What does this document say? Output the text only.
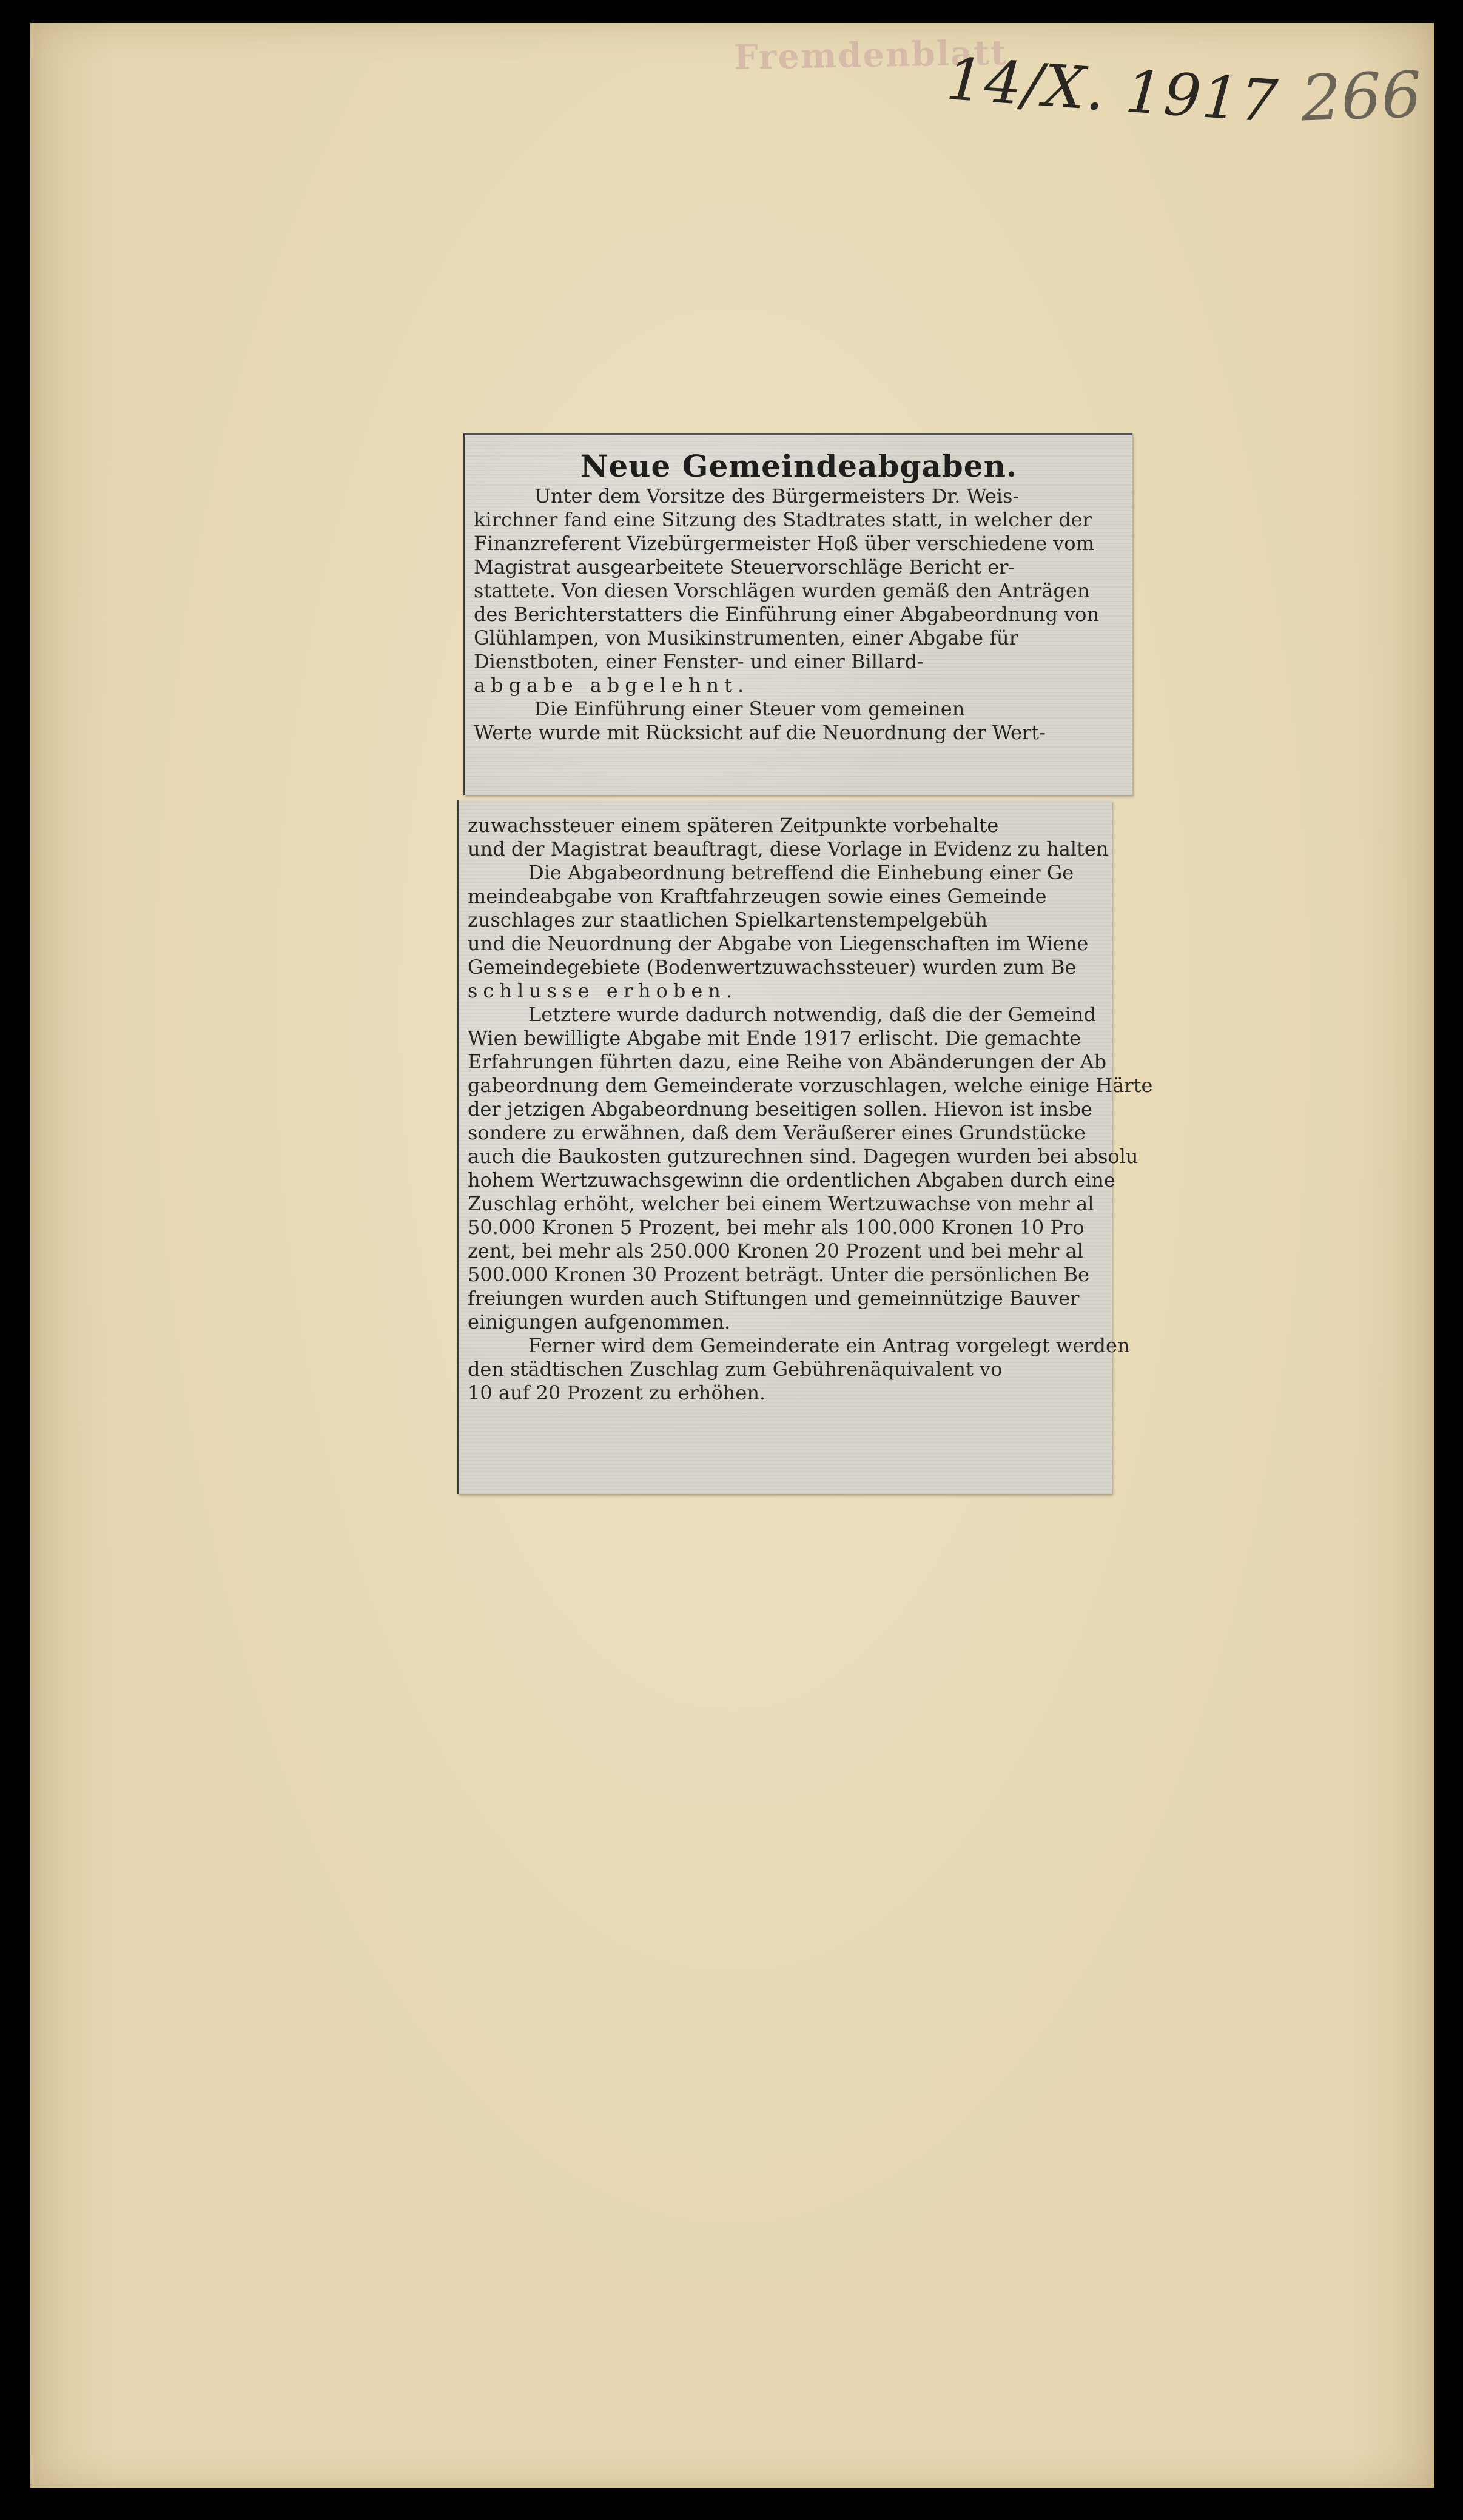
Fremdenblatt
14/X. 1917 266
Neue Gemeindeabgaben.
Unter dem Vorsitze des Bürgermeisters Dr. Weis-
kirchner fand eine Sitzung des Stadtrates statt, in welcher der
Finanzreferent Vizebürgermeister Hoß über verschiedene vom
Magistrat ausgearbeitete Steuervorschläge Bericht er-
stattete. Von diesen Vorschlägen wurden gemäß den Anträgen
des Berichterstatters die Einführung einer Abgabeordnung von
Glühlampen, von Musikinstrumenten, einer Abgabe für
Dienstboten, einer Fenster- und einer Billard-
abgabe abgelehnt.
Die Einführung einer Steuer vom gemeinen
Werte wurde mit Rücksicht auf die Neuordnung der Wert-
zuwachssteuer einem späteren Zeitpunkte vorbehalte
und der Magistrat beauftragt, diese Vorlage in Evidenz zu halten
Die Abgabeordnung betreffend die Einhebung einer Ge
meindeabgabe von Kraftfahrzeugen sowie eines Gemeinde
zuschlages zur staatlichen Spielkartenstempelgebüh
und die Neuordnung der Abgabe von Liegenschaften im Wiene
Gemeindegebiete (Bodenwertzuwachssteuer) wurden zum Be
schlusse erhoben.
Letztere wurde dadurch notwendig, daß die der Gemeind
Wien bewilligte Abgabe mit Ende 1917 erlischt. Die gemachte
Erfahrungen führten dazu, eine Reihe von Abänderungen der Ab
gabeordnung dem Gemeinderate vorzuschlagen, welche einige Härte
der jetzigen Abgabeordnung beseitigen sollen. Hievon ist insbe
sondere zu erwähnen, daß dem Veräußerer eines Grundstücke
auch die Baukosten gutzurechnen sind. Dagegen wurden bei absolu
hohem Wertzuwachsgewinn die ordentlichen Abgaben durch eine
Zuschlag erhöht, welcher bei einem Wertzuwachse von mehr al
50.000 Kronen 5 Prozent, bei mehr als 100.000 Kronen 10 Pro
zent, bei mehr als 250.000 Kronen 20 Prozent und bei mehr al
500.000 Kronen 30 Prozent beträgt. Unter die persönlichen Be
freiungen wurden auch Stiftungen und gemeinnützige Bauver
einigungen aufgenommen.
Ferner wird dem Gemeinderate ein Antrag vorgelegt werden
den städtischen Zuschlag zum Gebührenäquivalent vo
10 auf 20 Prozent zu erhöhen.
